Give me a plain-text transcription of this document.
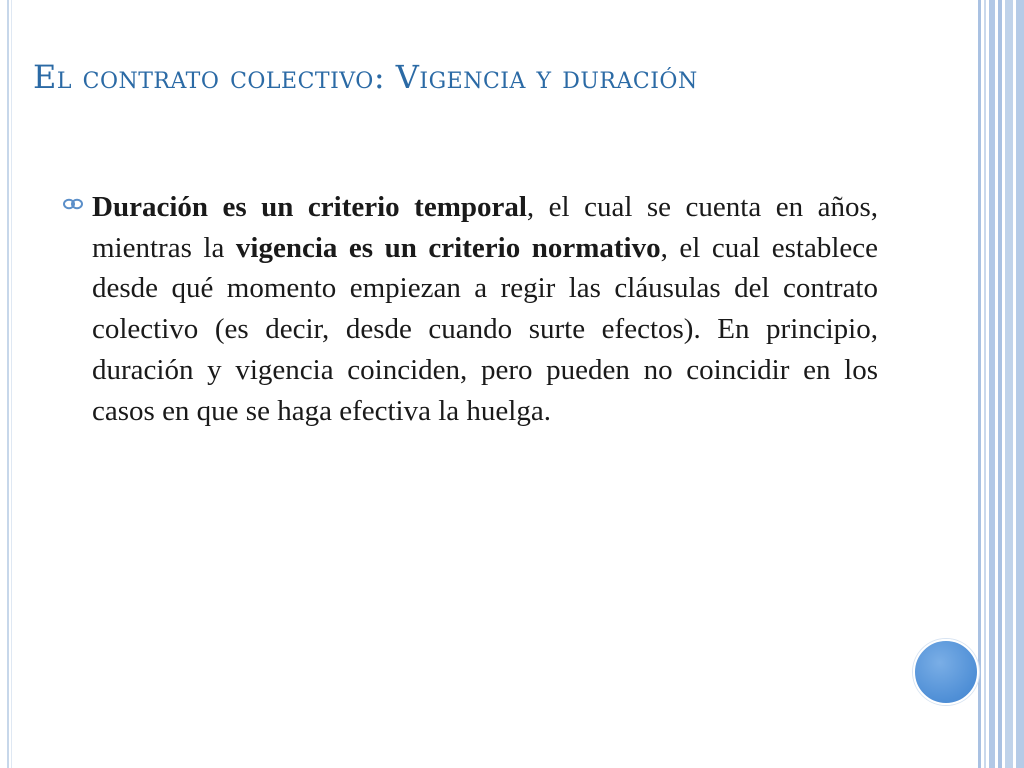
El contrato colectivo: Vigencia y duración
Duración es un criterio temporal, el cual se cuenta en años, mientras la vigencia es un criterio normativo, el cual establece desde qué momento empiezan a regir las cláusulas del contrato colectivo (es decir, desde cuando surte efectos). En principio, duración y vigencia coinciden, pero pueden no coincidir en los casos en que se haga efectiva la huelga.
